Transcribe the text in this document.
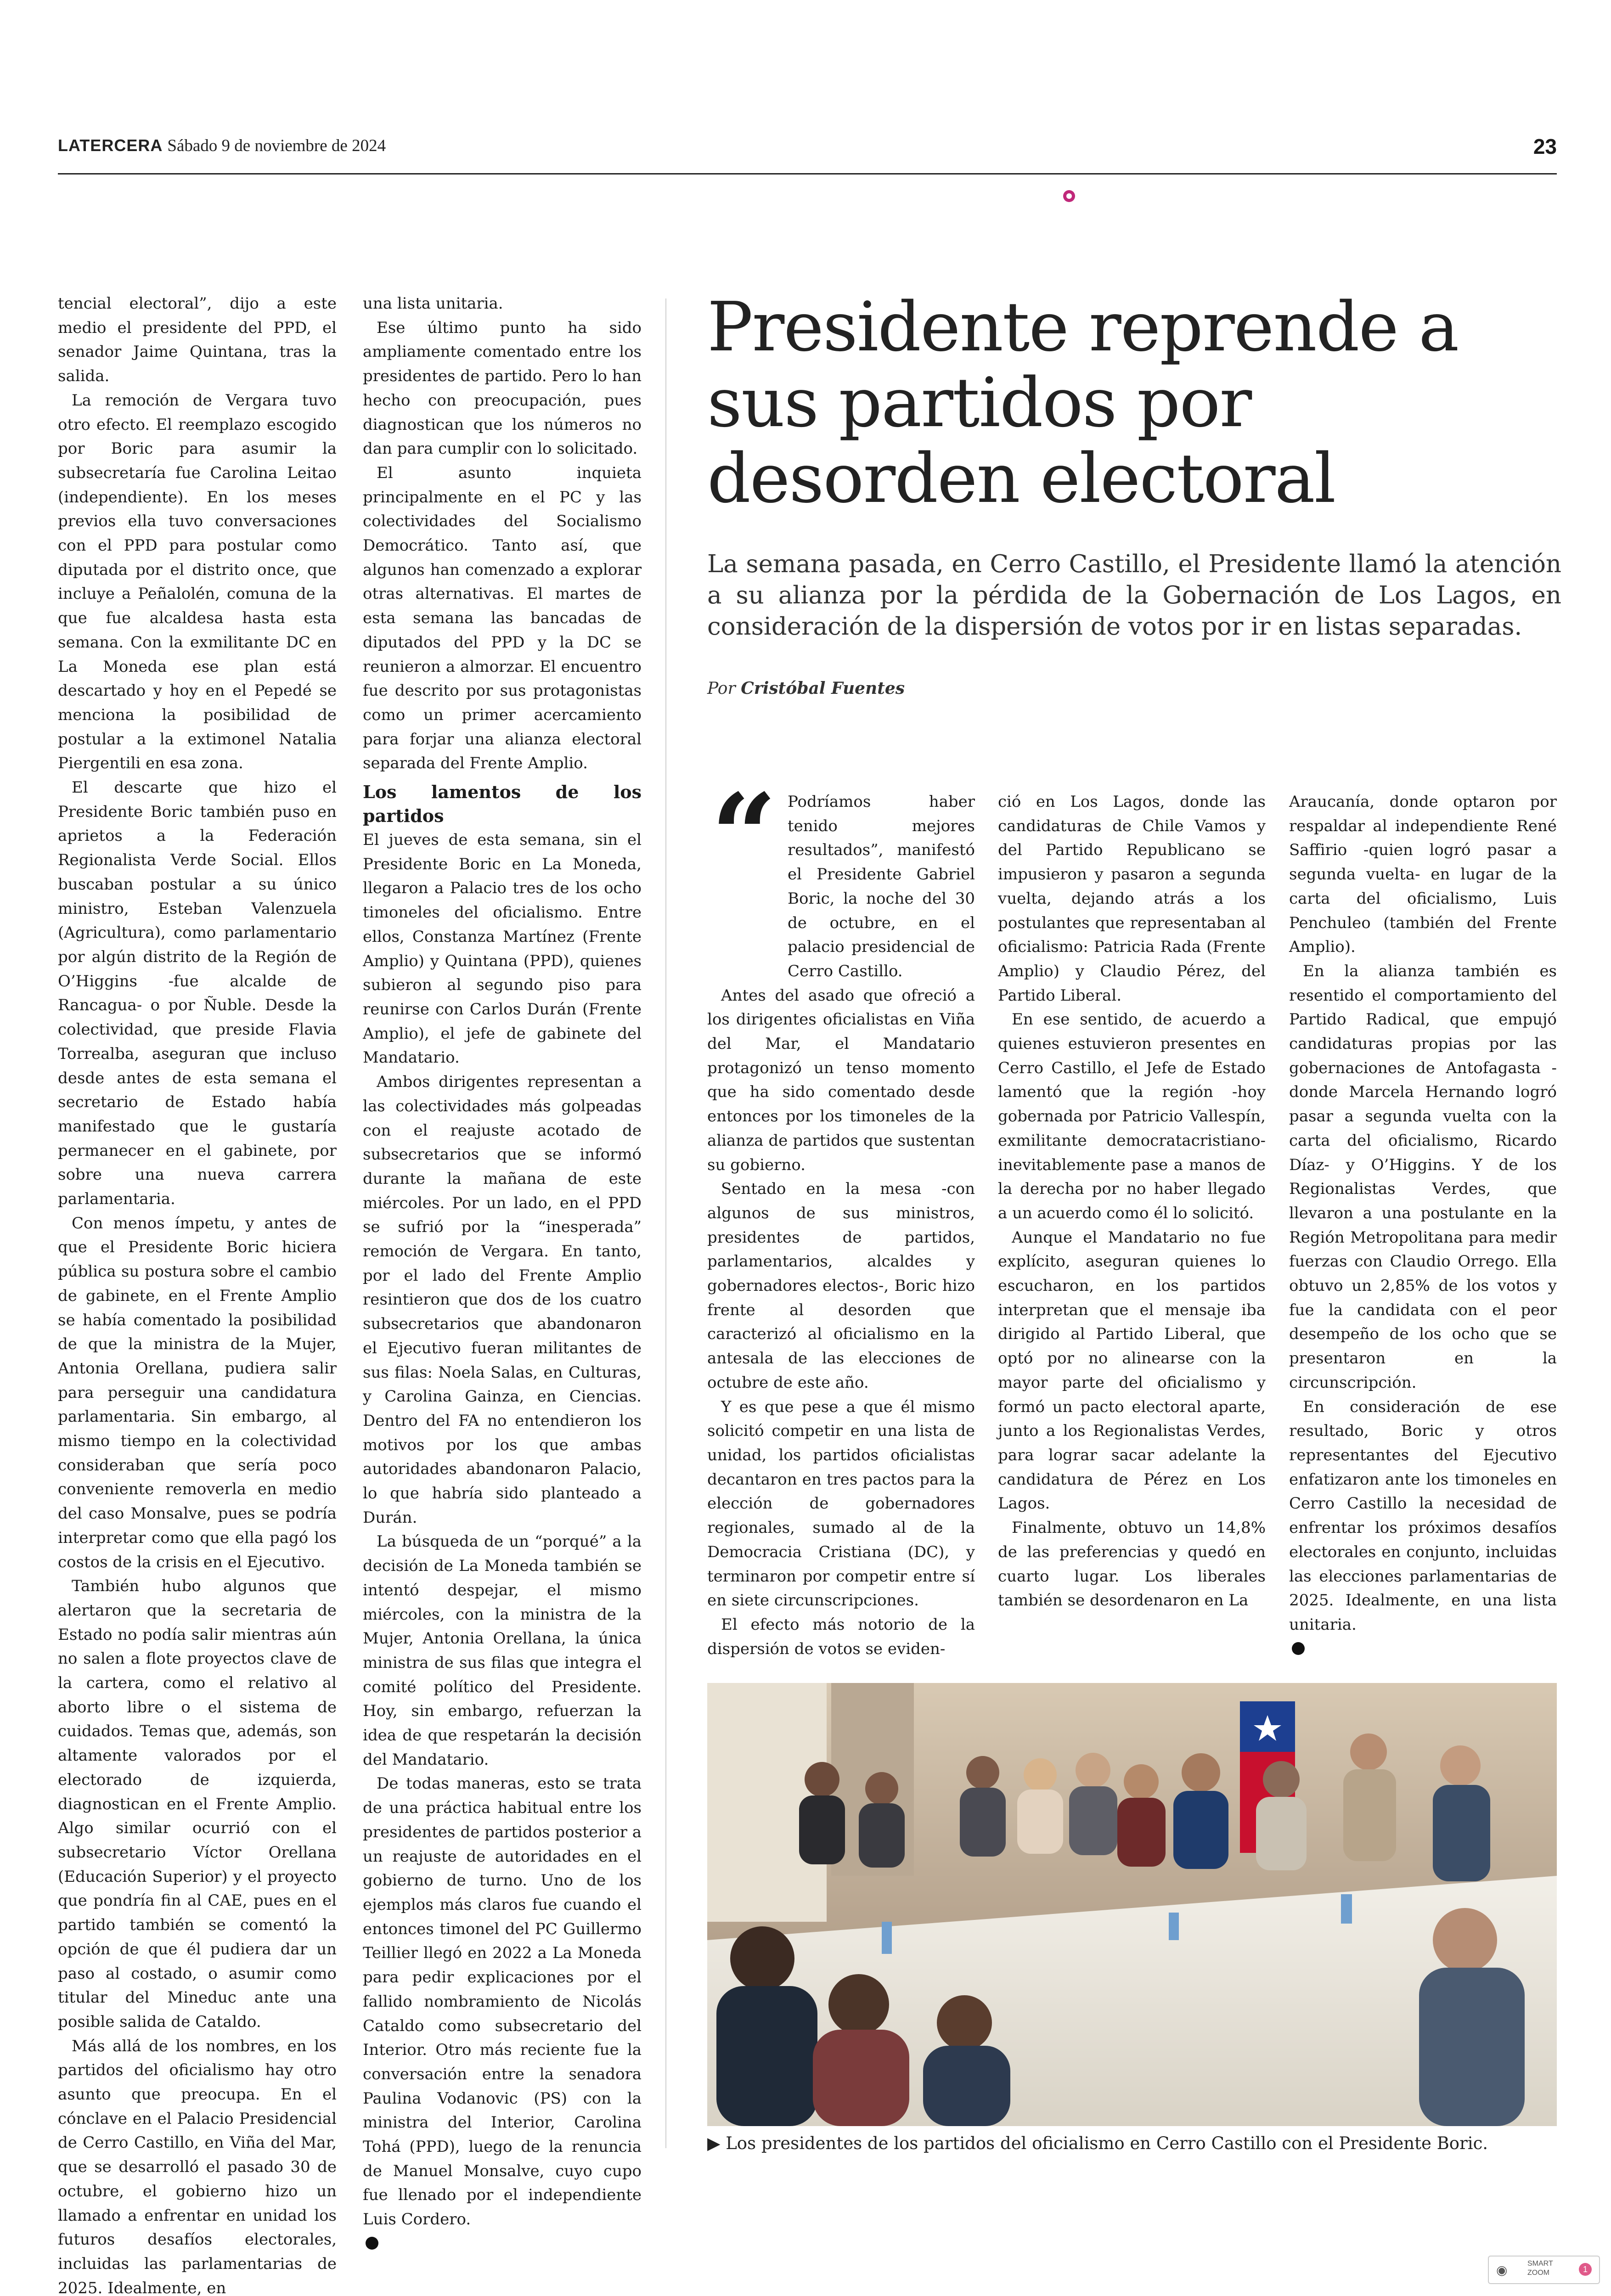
LATERCERA Sábado 9 de noviembre de 2024	23

tencial electoral”, dijo a este medio el presidente del PPD, el senador Jaime Quintana, tras la salida.

La remoción de Vergara tuvo otro efecto. El reemplazo escogido por Boric para asumir la subsecretaría fue Carolina Leitao (independiente). En los meses previos ella tuvo conversaciones con el PPD para postular como diputada por el distrito once, que incluye a Peñalolén, comuna de la que fue alcaldesa hasta esta semana. Con la exmilitante DC en La Moneda ese plan está descartado y hoy en el Pepedé se menciona la posibilidad de postular a la extimonel Natalia Piergentili en esa zona.

El descarte que hizo el Presidente Boric también puso en aprietos a la Federación Regionalista Verde Social. Ellos buscaban postular a su único ministro, Esteban Valenzuela (Agricultura), como parlamentario por algún distrito de la Región de O’Higgins -fue alcalde de Rancagua- o por Ñuble. Desde la colectividad, que preside Flavia Torrealba, aseguran que incluso desde antes de esta semana el secretario de Estado había manifestado que le gustaría permanecer en el gabinete, por sobre una nueva carrera parlamentaria.

Con menos ímpetu, y antes de que el Presidente Boric hiciera pública su postura sobre el cambio de gabinete, en el Frente Amplio se había comentado la posibilidad de que la ministra de la Mujer, Antonia Orellana, pudiera salir para perseguir una candidatura parlamentaria. Sin embargo, al mismo tiempo en la colectividad consideraban que sería poco conveniente removerla en medio del caso Monsalve, pues se podría interpretar como que ella pagó los costos de la crisis en el Ejecutivo.

También hubo algunos que alertaron que la secretaria de Estado no podía salir mientras aún no salen a flote proyectos clave de la cartera, como el relativo al aborto libre o el sistema de cuidados. Temas que, además, son altamente valorados por el electorado de izquierda, diagnostican en el Frente Amplio. Algo similar ocurrió con el subsecretario Víctor Orellana (Educación Superior) y el proyecto que pondría fin al CAE, pues en el partido también se comentó la opción de que él pudiera dar un paso al costado, o asumir como titular del Mineduc ante una posible salida de Cataldo.

Más allá de los nombres, en los partidos del oficialismo hay otro asunto que preocupa. En el cónclave en el Palacio Presidencial de Cerro Castillo, en Viña del Mar, que se desarrolló el pasado 30 de octubre, el gobierno hizo un llamado a enfrentar en unidad los futuros desafíos electorales, incluidas las parlamentarias de 2025. Idealmente, en

una lista unitaria.

Ese último punto ha sido ampliamente comentado entre los presidentes de partido. Pero lo han hecho con preocupación, pues diagnostican que los números no dan para cumplir con lo solicitado.

El asunto inquieta principalmente en el PC y las colectividades del Socialismo Democrático. Tanto así, que algunos han comenzado a explorar otras alternativas. El martes de esta semana las bancadas de diputados del PPD y la DC se reunieron a almorzar. El encuentro fue descrito por sus protagonistas como un primer acercamiento para forjar una alianza electoral separada del Frente Amplio.

Los lamentos de los partidos

El jueves de esta semana, sin el Presidente Boric en La Moneda, llegaron a Palacio tres de los ocho timoneles del oficialismo. Entre ellos, Constanza Martínez (Frente Amplio) y Quintana (PPD), quienes subieron al segundo piso para reunirse con Carlos Durán (Frente Amplio), el jefe de gabinete del Mandatario.

Ambos dirigentes representan a las colectividades más golpeadas con el reajuste acotado de subsecretarios que se informó durante la mañana de este miércoles. Por un lado, en el PPD se sufrió por la “inesperada” remoción de Vergara. En tanto, por el lado del Frente Amplio resintieron que dos de los cuatro subsecretarios que abandonaron el Ejecutivo fueran militantes de sus filas: Noela Salas, en Culturas, y Carolina Gainza, en Ciencias. Dentro del FA no entendieron los motivos por los que ambas autoridades abandonaron Palacio, lo que habría sido planteado a Durán.

La búsqueda de un “porqué” a la decisión de La Moneda también se intentó despejar, el mismo miércoles, con la ministra de la Mujer, Antonia Orellana, la única ministra de sus filas que integra el comité político del Presidente. Hoy, sin embargo, refuerzan la idea de que respetarán la decisión del Mandatario.

De todas maneras, esto se trata de una práctica habitual entre los presidentes de partidos posterior a un reajuste de autoridades en el gobierno de turno. Uno de los ejemplos más claros fue cuando el entonces timonel del PC Guillermo Teillier llegó en 2022 a La Moneda para pedir explicaciones por el fallido nombramiento de Nicolás Cataldo como subsecretario del Interior. Otro más reciente fue la conversación entre la senadora Paulina Vodanovic (PS) con la ministra del Interior, Carolina Tohá (PPD), luego de la renuncia de Manuel Monsalve, cuyo cupo fue llenado por el independiente Luis Cordero.

Presidente reprende a sus partidos por desorden electoral

La semana pasada, en Cerro Castillo, el Presidente llamó la atención a su alianza por la pérdida de la Gobernación de Los Lagos, en consideración de la dispersión de votos por ir en listas separadas.

Por Cristóbal Fuentes
“	Podríamos haber tenido mejores resultados”, manifestó el Presidente Gabriel Boric, la noche del 30 de octubre, en el palacio presidencial de Cerro Castillo.

Antes del asado que ofreció a los dirigentes oficialistas en Viña del Mar, el Mandatario protagonizó un tenso momento que ha sido comentado desde entonces por los timoneles de la alianza de partidos que sustentan su gobierno.

Sentado en la mesa -con algunos de sus ministros, presidentes de partidos, parlamentarios, alcaldes y gobernadores electos-, Boric hizo frente al desorden que caracterizó al oficialismo en la antesala de las elecciones de octubre de este año.

Y es que pese a que él mismo solicitó competir en una lista de unidad, los partidos oficialistas decantaron en tres pactos para la elección de gobernadores regionales, sumado al de la Democracia Cristiana (DC), y terminaron por competir entre sí en siete circunscripciones.

El efecto más notorio de la dispersión de votos se eviden-

ció en Los Lagos, donde las candidaturas de Chile Vamos y del Partido Republicano se impusieron y pasaron a segunda vuelta, dejando atrás a los postulantes que representaban al oficialismo: Patricia Rada (Frente Amplio) y Claudio Pérez, del Partido Liberal.

En ese sentido, de acuerdo a quienes estuvieron presentes en Cerro Castillo, el Jefe de Estado lamentó que la región -hoy gobernada por Patricio Vallespín, exmilitante democratacristiano- inevitablemente pase a manos de la derecha por no haber llegado a un acuerdo como él lo solicitó.

Aunque el Mandatario no fue explícito, aseguran quienes lo escucharon, en los partidos interpretan que el mensaje iba dirigido al Partido Liberal, que optó por no alinearse con la mayor parte del oficialismo y formó un pacto electoral aparte, junto a los Regionalistas Verdes, para lograr sacar adelante la candidatura de Pérez en Los Lagos.

Finalmente, obtuvo un 14,8% de las preferencias y quedó en cuarto lugar. Los liberales también se desordenaron en La

Araucanía, donde optaron por respaldar al independiente René Saffirio -quien logró pasar a segunda vuelta- en lugar de la carta del oficialismo, Luis Penchuleo (también del Frente Amplio).

En la alianza también es resentido el comportamiento del Partido Radical, que empujó candidaturas propias por las gobernaciones de Antofagasta -donde Marcela Hernando logró pasar a segunda vuelta con la carta del oficialismo, Ricardo Díaz- y O’Higgins. Y de los Regionalistas Verdes, que llevaron a una postulante en la Región Metropolitana para medir fuerzas con Claudio Orrego. Ella obtuvo un 2,85% de los votos y fue la candidata con el peor desempeño de los ocho que se presentaron en la circunscripción.

En consideración de ese resultado, Boric y otros representantes del Ejecutivo enfatizaron ante los timoneles en Cerro Castillo la necesidad de enfrentar los próximos desafíos electorales en conjunto, incluidas las elecciones parlamentarias de 2025. Idealmente, en una lista unitaria.

▶ Los presidentes de los partidos del oficialismo en Cerro Castillo con el Presidente Boric.
◉	SMART ZOOM	1
